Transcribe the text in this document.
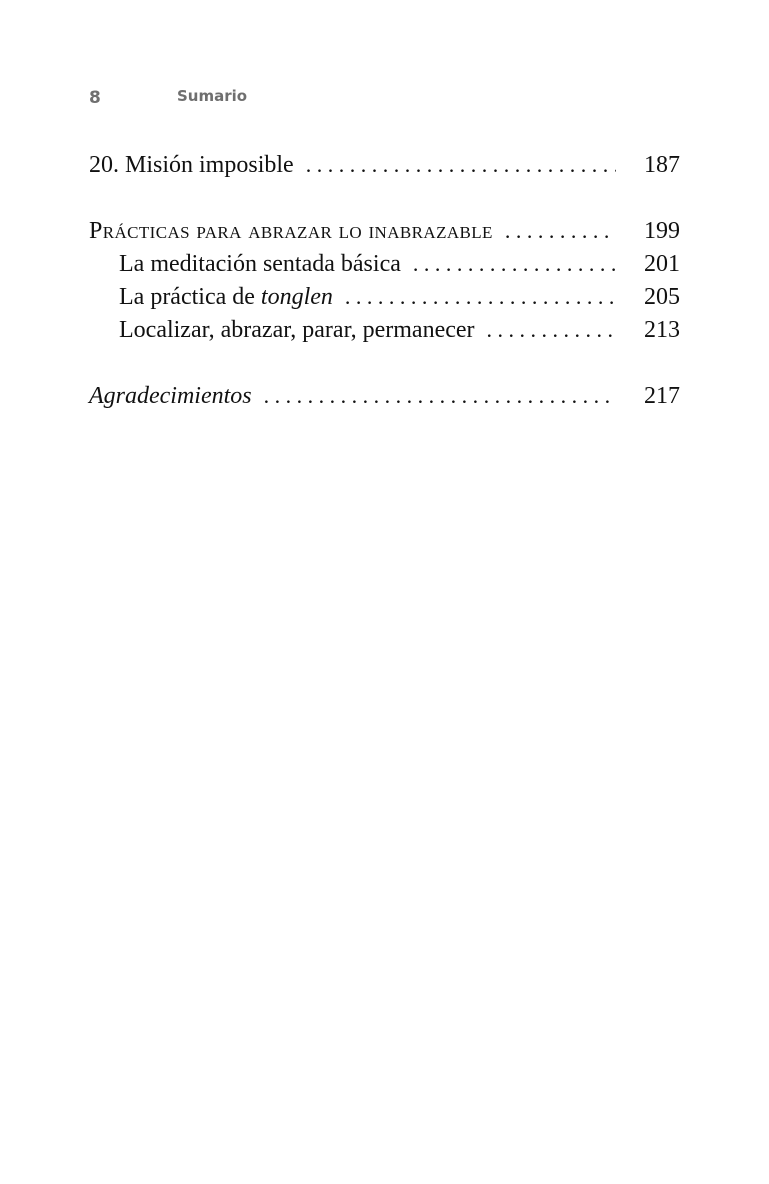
8	Sumario
20. Misión imposible . . .	187
Prácticas para abrazar lo inabrazable . . .	199
La meditación sentada básica . . .	201
La práctica de tonglen . . .	205
Localizar, abrazar, parar, permanecer . . .	213
Agradecimientos . . .	217
